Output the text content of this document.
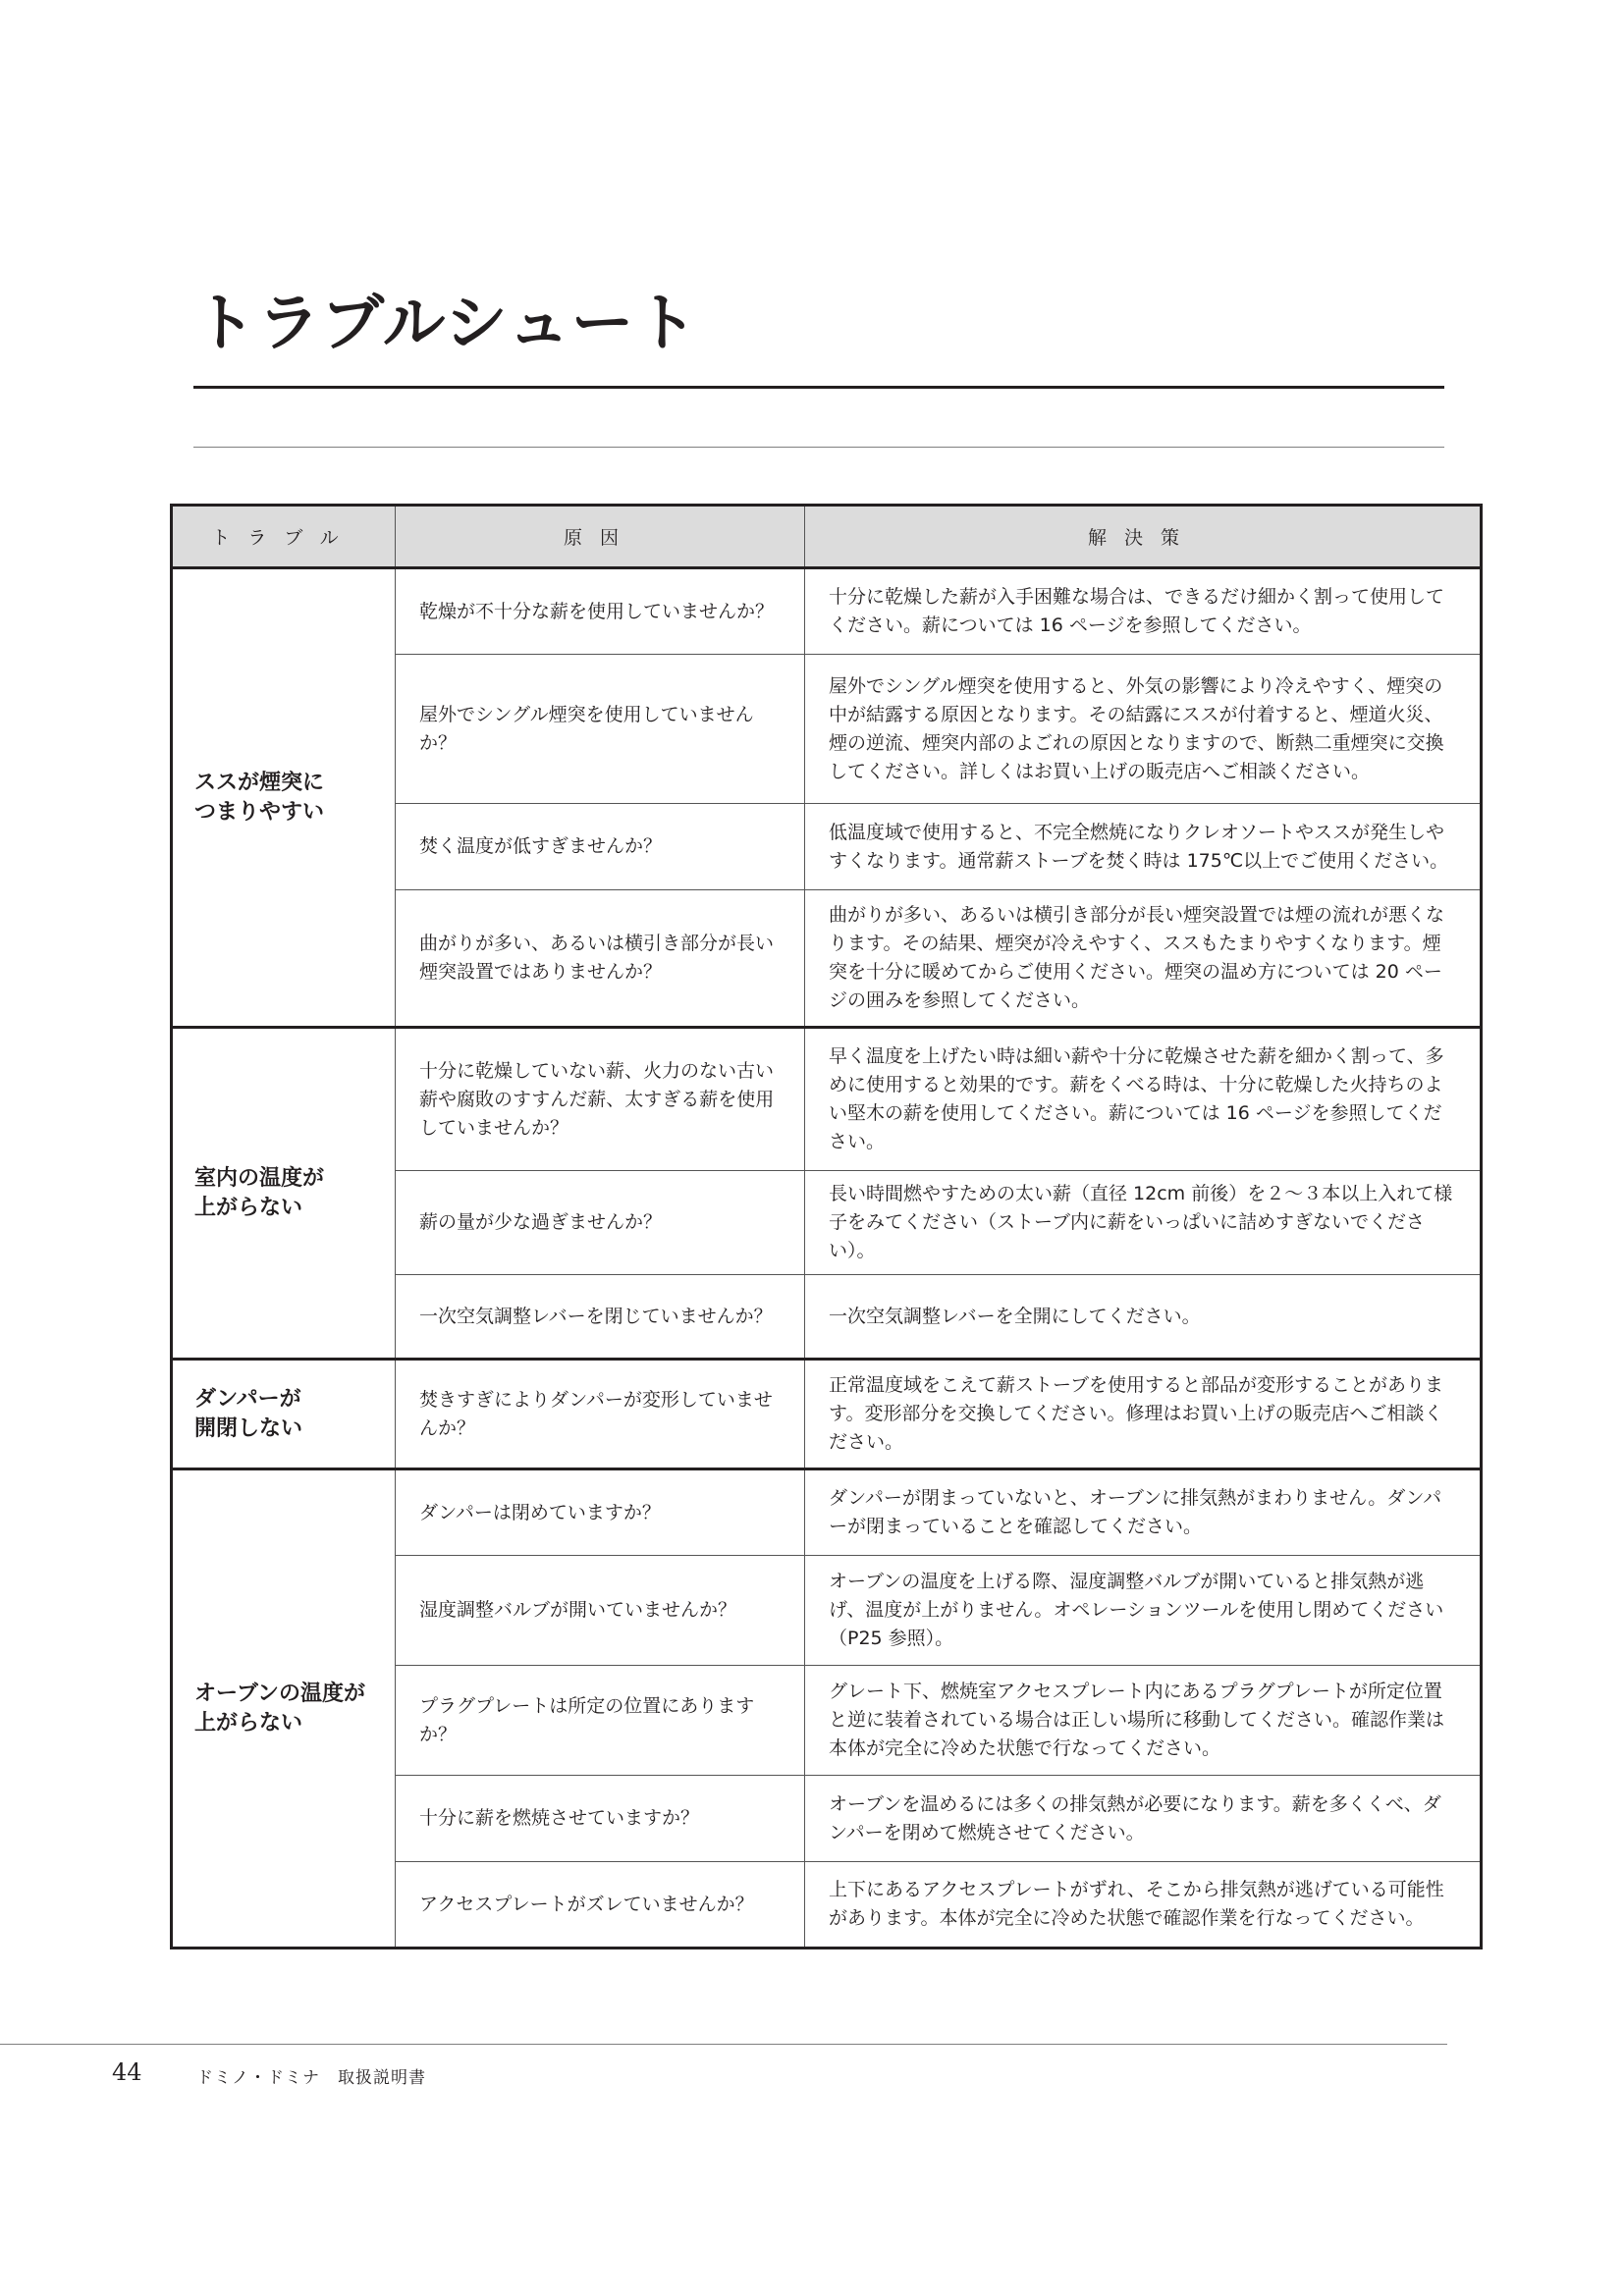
トラブルシュート
トラブル	原因	解決策
ススが煙突に
つまりやすい	乾燥が不十分な薪を使用していませんか？	十分に乾燥した薪が入手困難な場合は、できるだけ細かく割って使用してください。薪については 16 ページを参照してください。
	屋外でシングル煙突を使用していませんか？	屋外でシングル煙突を使用すると、外気の影響により冷えやすく、煙突の中が結露する原因となります。その結露にススが付着すると、煙道火災、煙の逆流、煙突内部のよごれの原因となりますので、断熱二重煙突に交換してください。詳しくはお買い上げの販売店へご相談ください。
	焚く温度が低すぎませんか？	低温度域で使用すると、不完全燃焼になりクレオソートやススが発生しやすくなります。通常薪ストーブを焚く時は 175℃以上でご使用ください。
	曲がりが多い、あるいは横引き部分が長い煙突設置ではありませんか？	曲がりが多い、あるいは横引き部分が長い煙突設置では煙の流れが悪くなります。その結果、煙突が冷えやすく、ススもたまりやすくなります。煙突を十分に暖めてからご使用ください。煙突の温め方については 20 ページの囲みを参照してください。
室内の温度が
上がらない	十分に乾燥していない薪、火力のない古い薪や腐敗のすすんだ薪、太すぎる薪を使用していませんか？	早く温度を上げたい時は細い薪や十分に乾燥させた薪を細かく割って、多めに使用すると効果的です。薪をくべる時は、十分に乾燥した火持ちのよい堅木の薪を使用してください。薪については 16 ページを参照してください。
	薪の量が少な過ぎませんか？	長い時間燃やすための太い薪（直径 12cm 前後）を２～３本以上入れて様子をみてください（ストーブ内に薪をいっぱいに詰めすぎないでください）。
	一次空気調整レバーを閉じていませんか？	一次空気調整レバーを全開にしてください。
ダンパーが
開閉しない	焚きすぎによりダンパーが変形していませんか？	正常温度域をこえて薪ストーブを使用すると部品が変形することがあります。変形部分を交換してください。修理はお買い上げの販売店へご相談ください。
オーブンの温度が
上がらない	ダンパーは閉めていますか？	ダンパーが閉まっていないと、オーブンに排気熱がまわりません。ダンパーが閉まっていることを確認してください。
	湿度調整バルブが開いていませんか？	オーブンの温度を上げる際、湿度調整バルブが開いていると排気熱が逃げ、温度が上がりません。オペレーションツールを使用し閉めてください（P25 参照）。
	プラグプレートは所定の位置にありますか？	グレート下、燃焼室アクセスプレート内にあるプラグプレートが所定位置と逆に装着されている場合は正しい場所に移動してください。確認作業は本体が完全に冷めた状態で行なってください。
	十分に薪を燃焼させていますか？	オーブンを温めるには多くの排気熱が必要になります。薪を多くくべ、ダンパーを閉めて燃焼させてください。
	アクセスプレートがズレていませんか？	上下にあるアクセスプレートがずれ、そこから排気熱が逃げている可能性があります。本体が完全に冷めた状態で確認作業を行なってください。
44	ドミノ・ドミナ　取扱説明書
